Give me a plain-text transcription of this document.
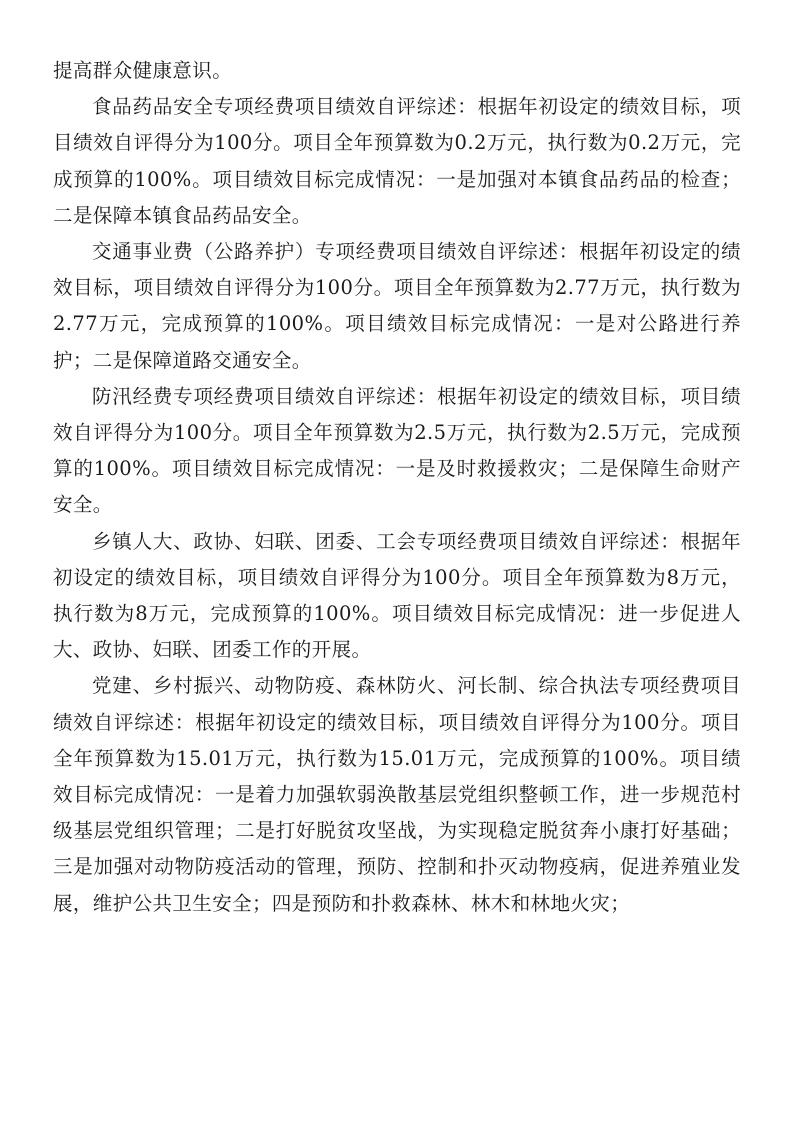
提高群众健康意识。

食品药品安全专项经费项目绩效自评综述：根据年初设定的绩效目标，项目绩效自评得分为100分。项目全年预算数为0.2万元，执行数为0.2万元，完成预算的100%。项目绩效目标完成情况：一是加强对本镇食品药品的检查；二是保障本镇食品药品安全。

交通事业费（公路养护）专项经费项目绩效自评综述：根据年初设定的绩效目标，项目绩效自评得分为100分。项目全年预算数为2.77万元，执行数为2.77万元，完成预算的100%。项目绩效目标完成情况：一是对公路进行养护；二是保障道路交通安全。

防汛经费专项经费项目绩效自评综述：根据年初设定的绩效目标，项目绩效自评得分为100分。项目全年预算数为2.5万元，执行数为2.5万元，完成预算的100%。项目绩效目标完成情况：一是及时救援救灾；二是保障生命财产安全。

乡镇人大、政协、妇联、团委、工会专项经费项目绩效自评综述：根据年初设定的绩效目标，项目绩效自评得分为100分。项目全年预算数为8万元，执行数为8万元，完成预算的100%。项目绩效目标完成情况：进一步促进人大、政协、妇联、团委工作的开展。

党建、乡村振兴、动物防疫、森林防火、河长制、综合执法专项经费项目绩效自评综述：根据年初设定的绩效目标，项目绩效自评得分为100分。项目全年预算数为15.01万元，执行数为15.01万元，完成预算的100%。项目绩效目标完成情况：一是着力加强软弱涣散基层党组织整顿工作，进一步规范村级基层党组织管理；二是打好脱贫攻坚战，为实现稳定脱贫奔小康打好基础；三是加强对动物防疫活动的管理，预防、控制和扑灭动物疫病，促进养殖业发展，维护公共卫生安全；四是预防和扑救森林、林木和林地火灾；
